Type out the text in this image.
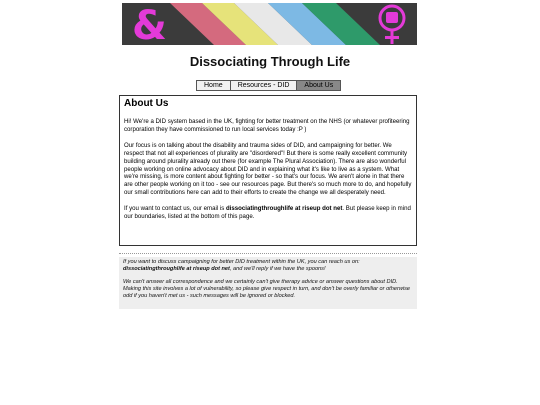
&
Dissociating Through Life
Home	Resources - DID	About Us
About Us

Hi! We're a DID system based in the UK, fighting for better treatment on the NHS (or whatever profiteering corporation they have commissioned to run local services today :P )

Our focus is on talking about the disability and trauma sides of DID, and campaigning for better. We respect that not all experiences of plurality are "disordered"! But there is some really excellent community building around plurality already out there (for example The Plural Association). There are also wonderful people working on online advocacy about DID and in explaining what it's like to live as a system. What we're missing, is more content about fighting for better - so that's our focus. We aren't alone in that there are other people working on it too - see our resources page. But there's so much more to do, and hopefully our small contributions here can add to their efforts to create the change we all desperately need.

If you want to contact us, our email is dissociatingthroughlife at riseup dot net. But please keep in mind our boundaries, listed at the bottom of this page.

If you want to discuss campaigning for better DID treatment within the UK, you can reach us on: dissociatingthroughlife at riseup dot net, and we'll reply if we have the spoons!

We can't answer all correspondence and we certainly can't give therapy advice or answer questions about DID. Making this site involves a lot of vulnerability, so please give respect in turn, and don't be overly familiar or otherwise odd if you haven't met us - such messages will be ignored or blocked.
